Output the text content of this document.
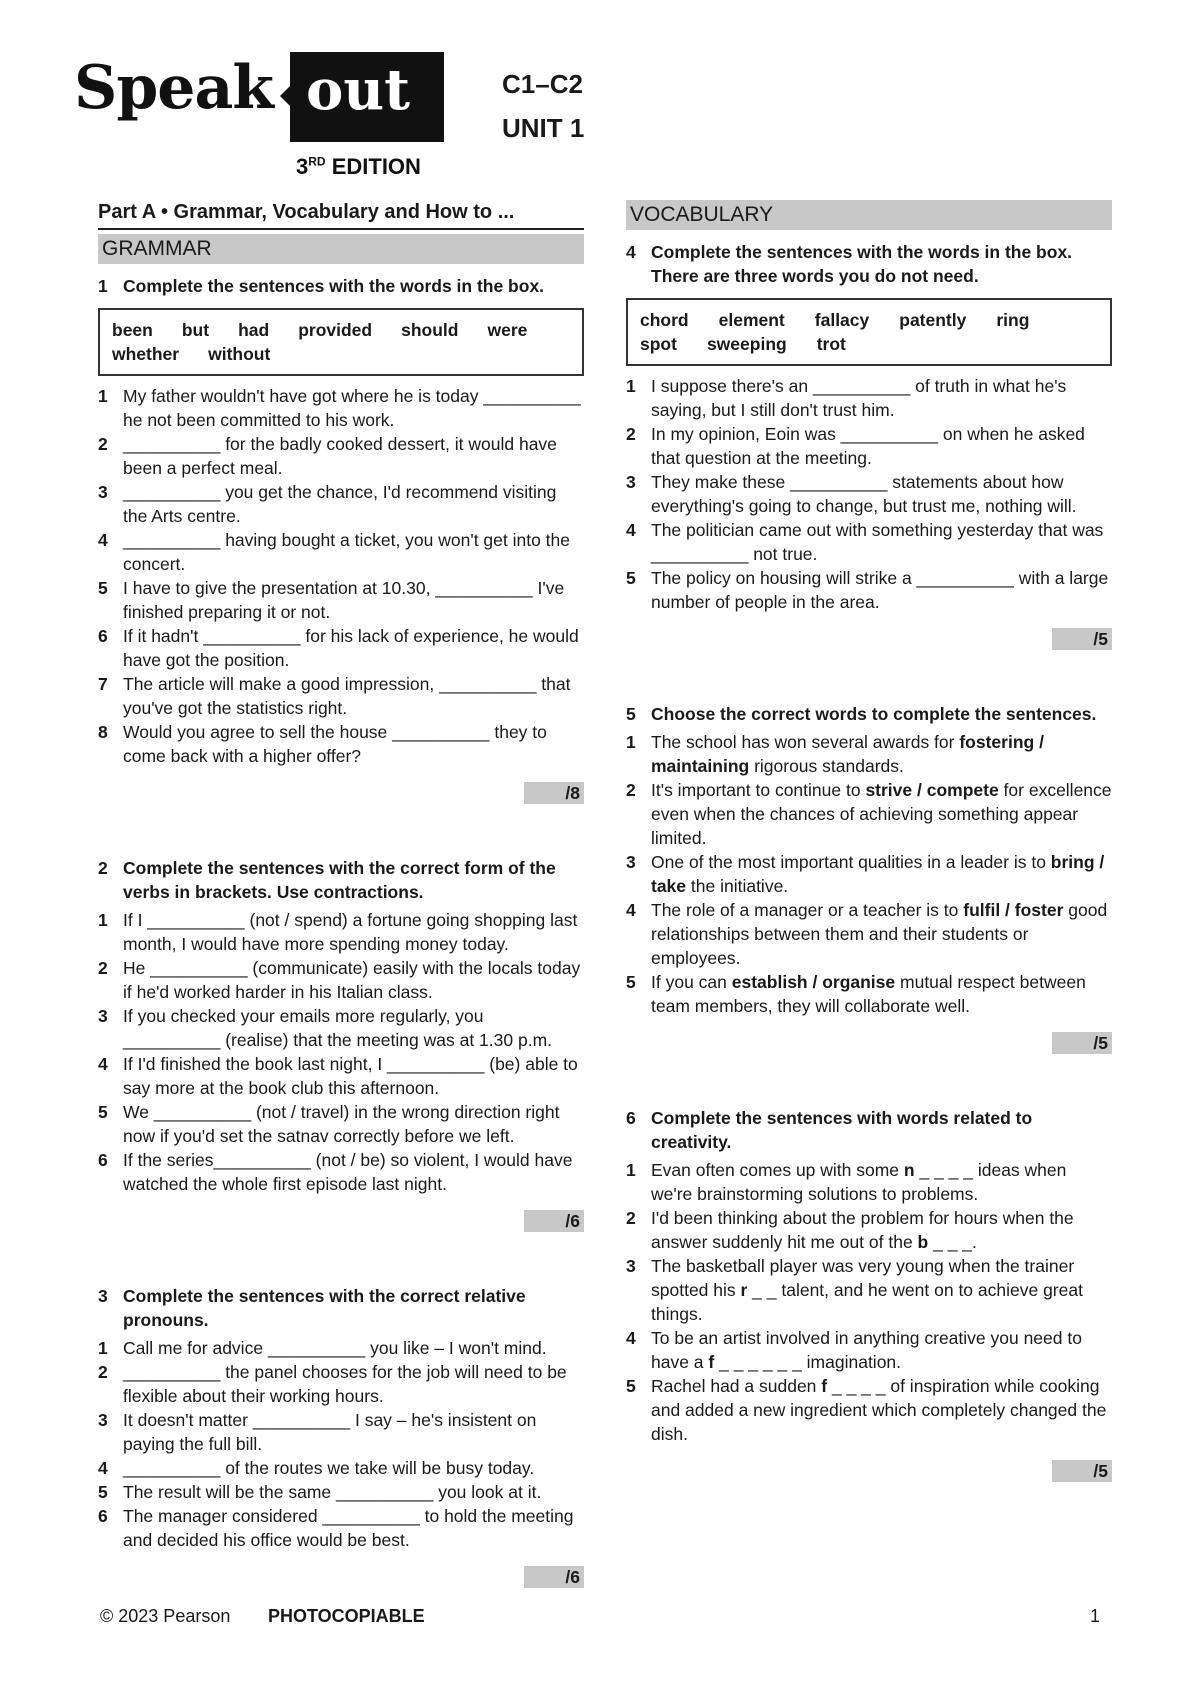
Speak out
3RD EDITION
C1–C2
UNIT 1
Part A • Grammar, Vocabulary and How to ...
GRAMMAR
1 Complete the sentences with the words in the box.
been but had provided should were
whether without
1 My father wouldn't have got where he is today __________ he not been committed to his work.
2 __________ for the badly cooked dessert, it would have been a perfect meal.
3 __________ you get the chance, I'd recommend visiting the Arts centre.
4 __________ having bought a ticket, you won't get into the concert.
5 I have to give the presentation at 10.30, __________ I've finished preparing it or not.
6 If it hadn't __________ for his lack of experience, he would have got the position.
7 The article will make a good impression, __________ that you've got the statistics right.
8 Would you agree to sell the house __________ they to come back with a higher offer?
/8
2 Complete the sentences with the correct form of the verbs in brackets. Use contractions.
1 If I __________ (not / spend) a fortune going shopping last month, I would have more spending money today.
2 He __________ (communicate) easily with the locals today if he'd worked harder in his Italian class.
3 If you checked your emails more regularly, you __________ (realise) that the meeting was at 1.30 p.m.
4 If I'd finished the book last night, I __________ (be) able to say more at the book club this afternoon.
5 We __________ (not / travel) in the wrong direction right now if you'd set the satnav correctly before we left.
6 If the series__________ (not / be) so violent, I would have watched the whole first episode last night.
/6
3 Complete the sentences with the correct relative pronouns.
1 Call me for advice __________ you like – I won't mind.
2 __________ the panel chooses for the job will need to be flexible about their working hours.
3 It doesn't matter __________ I say – he's insistent on paying the full bill.
4 __________ of the routes we take will be busy today.
5 The result will be the same __________ you look at it.
6 The manager considered __________ to hold the meeting and decided his office would be best.
/6
VOCABULARY
4 Complete the sentences with the words in the box. There are three words you do not need.
chord element fallacy patently ring
spot sweeping trot
1 I suppose there's an __________ of truth in what he's saying, but I still don't trust him.
2 In my opinion, Eoin was __________ on when he asked that question at the meeting.
3 They make these __________ statements about how everything's going to change, but trust me, nothing will.
4 The politician came out with something yesterday that was __________ not true.
5 The policy on housing will strike a __________ with a large number of people in the area.
/5
5 Choose the correct words to complete the sentences.
1 The school has won several awards for fostering / maintaining rigorous standards.
2 It's important to continue to strive / compete for excellence even when the chances of achieving something appear limited.
3 One of the most important qualities in a leader is to bring / take the initiative.
4 The role of a manager or a teacher is to fulfil / foster good relationships between them and their students or employees.
5 If you can establish / organise mutual respect between team members, they will collaborate well.
/5
6 Complete the sentences with words related to creativity.
1 Evan often comes up with some n _ _ _ _ ideas when we're brainstorming solutions to problems.
2 I'd been thinking about the problem for hours when the answer suddenly hit me out of the b _ _ _.
3 The basketball player was very young when the trainer spotted his r _ _ talent, and he went on to achieve great things.
4 To be an artist involved in anything creative you need to have a f _ _ _ _ _ _ imagination.
5 Rachel had a sudden f _ _ _ _ of inspiration while cooking and added a new ingredient which completely changed the dish.
/5
© 2023 Pearson	PHOTOCOPIABLE	1
